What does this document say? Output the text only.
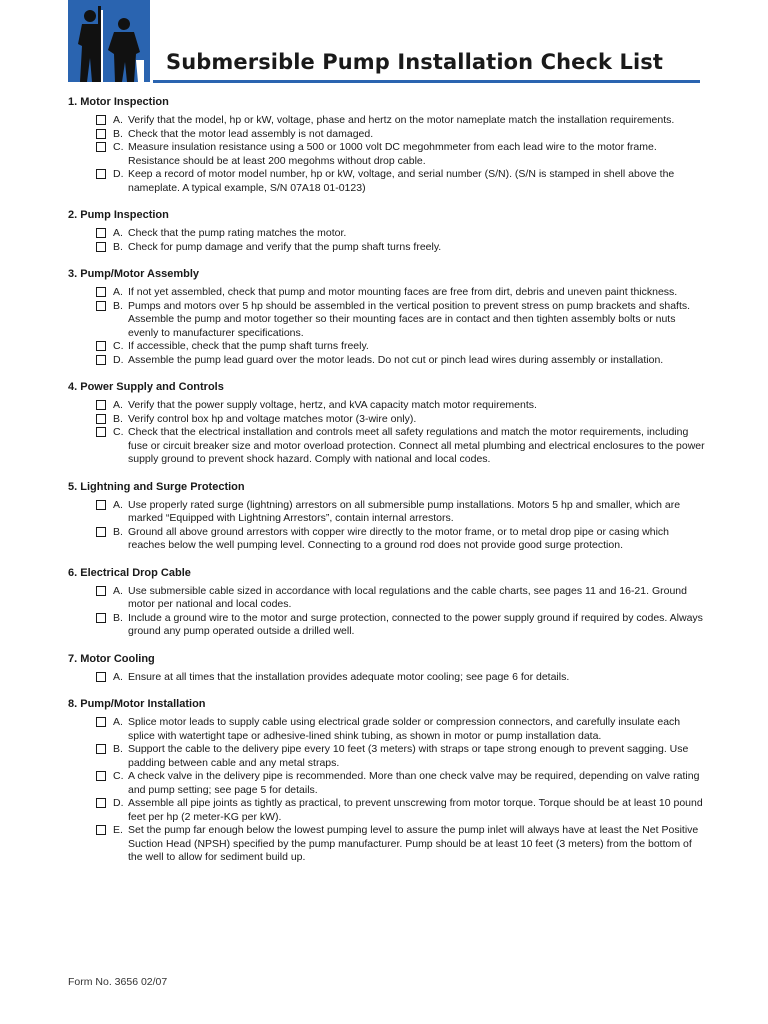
Submersible Pump Installation Check List
1. Motor Inspection
A. Verify that the model, hp or kW, voltage, phase and hertz on the motor nameplate match the installation requirements.
B. Check that the motor lead assembly is not damaged.
C. Measure insulation resistance using a 500 or 1000 volt DC megohmmeter from each lead wire to the motor frame. Resistance should be at least 200 megohms without drop cable.
D. Keep a record of motor model number, hp or kW, voltage, and serial number (S/N). (S/N is stamped in shell above the nameplate. A typical example, S/N 07A18 01-0123)
2. Pump Inspection
A. Check that the pump rating matches the motor.
B. Check for pump damage and verify that the pump shaft turns freely.
3. Pump/Motor Assembly
A. If not yet assembled, check that pump and motor mounting faces are free from dirt, debris and uneven paint thickness.
B. Pumps and motors over 5 hp should be assembled in the vertical position to prevent stress on pump brackets and shafts. Assemble the pump and motor together so their mounting faces are in contact and then tighten assembly bolts or nuts evenly to manufacturer specifications.
C. If accessible, check that the pump shaft turns freely.
D. Assemble the pump lead guard over the motor leads. Do not cut or pinch lead wires during assembly or installation.
4. Power Supply and Controls
A. Verify that the power supply voltage, hertz, and kVA capacity match motor requirements.
B. Verify control box hp and voltage matches motor (3-wire only).
C. Check that the electrical installation and controls meet all safety regulations and match the motor requirements, including fuse or circuit breaker size and motor overload protection. Connect all metal plumbing and electrical enclosures to the power supply ground to prevent shock hazard. Comply with national and local codes.
5. Lightning and Surge Protection
A. Use properly rated surge (lightning) arrestors on all submersible pump installations. Motors 5 hp and smaller, which are marked “Equipped with Lightning Arrestors”, contain internal arrestors.
B. Ground all above ground arrestors with copper wire directly to the motor frame, or to metal drop pipe or casing which reaches below the well pumping level. Connecting to a ground rod does not provide good surge protection.
6. Electrical Drop Cable
A. Use submersible cable sized in accordance with local regulations and the cable charts, see pages 11 and 16-21. Ground motor per national and local codes.
B. Include a ground wire to the motor and surge protection, connected to the power supply ground if required by codes. Always ground any pump operated outside a drilled well.
7. Motor Cooling
A. Ensure at all times that the installation provides adequate motor cooling; see page 6 for details.
8. Pump/Motor Installation
A. Splice motor leads to supply cable using electrical grade solder or compression connectors, and carefully insulate each splice with watertight tape or adhesive-lined shink tubing, as shown in motor or pump installation data.
B. Support the cable to the delivery pipe every 10 feet (3 meters) with straps or tape strong enough to prevent sagging. Use padding between cable and any metal straps.
C. A check valve in the delivery pipe is recommended. More than one check valve may be required, depending on valve rating and pump setting; see page 5 for details.
D. Assemble all pipe joints as tightly as practical, to prevent unscrewing from motor torque. Torque should be at least 10 pound feet per hp (2 meter-KG per kW).
E. Set the pump far enough below the lowest pumping level to assure the pump inlet will always have at least the Net Positive Suction Head (NPSH) specified by the pump manufacturer. Pump should be at least 10 feet (3 meters) from the bottom of the well to allow for sediment build up.
Form No. 3656 02/07
